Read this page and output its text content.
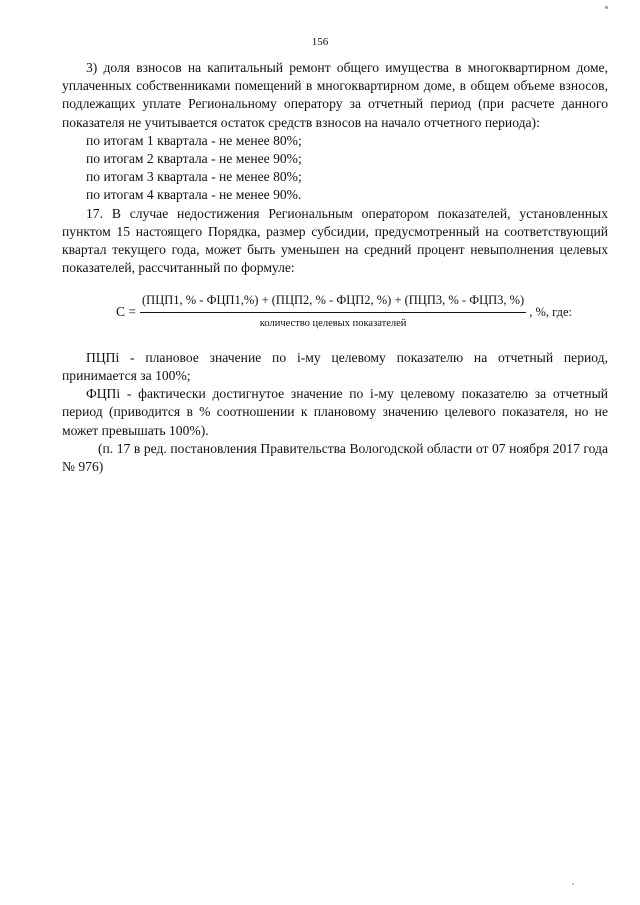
156

3) доля взносов на капитальный ремонт общего имущества в многоквартирном доме, уплаченных собственниками помещений в многоквартирном доме, в общем объеме взносов, подлежащих уплате Региональному оператору за отчетный период (при расчете данного показателя не учитывается остаток средств взносов на начало отчетного периода):

по итогам 1 квартала - не менее 80%;

по итогам 2 квартала - не менее 90%;

по итогам 3 квартала - не менее 80%;

по итогам 4 квартала - не менее 90%.

17. В случае недостижения Региональным оператором показателей, установленных пунктом 15 настоящего Порядка, размер субсидии, предусмотренный на соответствующий квартал текущего года, может быть уменьшен на средний процент невыполнения целевых показателей, рассчитанный по формуле:

C =
(ПЦП1, % - ФЦП1,%) + (ПЦП2, % - ФЦП2, %) + (ПЦП3, % - ФЦП3, %)
количество целевых показателей
, %, где:

ПЦПi - плановое значение по i-му целевому показателю на отчетный период, принимается за 100%;

ФЦПi - фактически достигнутое значение по i-му целевому показателю за отчетный период (приводится в % соотношении к плановому значению целевого показателя, но не может превышать 100%).

(п. 17 в ред. постановления Правительства Вологодской области от 07 ноября 2017 года № 976)
